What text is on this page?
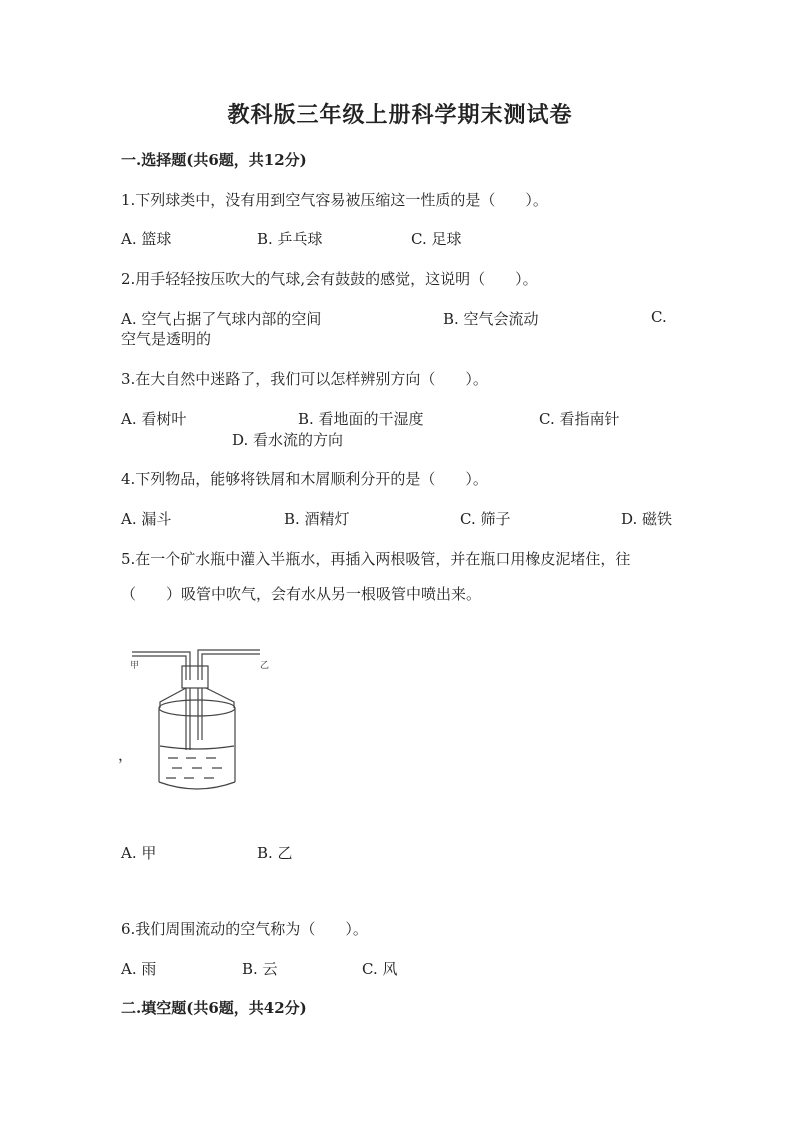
教科版三年级上册科学期末测试卷
一.选择题(共6题，共12分)
1.下列球类中，没有用到空气容易被压缩这一性质的是（　　）。
A. 篮球	B. 乒乓球	C. 足球
2.用手轻轻按压吹大的气球,会有鼓鼓的感觉，这说明（　　）。
A. 空气占据了气球内部的空间	B. 空气会流动	C.
空气是透明的
3.在大自然中迷路了，我们可以怎样辨别方向（　　）。
A. 看树叶	B. 看地面的干湿度	C. 看指南针
D. 看水流的方向
4.下列物品，能够将铁屑和木屑顺利分开的是（　　）。
A. 漏斗	B. 酒精灯	C. 筛子	D. 磁铁
5.在一个矿水瓶中灌入半瓶水，再插入两根吸管，并在瓶口用橡皮泥堵住，往
（　　）吸管中吹气，会有水从另一根吸管中喷出来。
甲	乙
，
A. 甲	B. 乙
6.我们周围流动的空气称为（　　）。
A. 雨	B. 云	C. 风
二.填空题(共6题，共42分)
